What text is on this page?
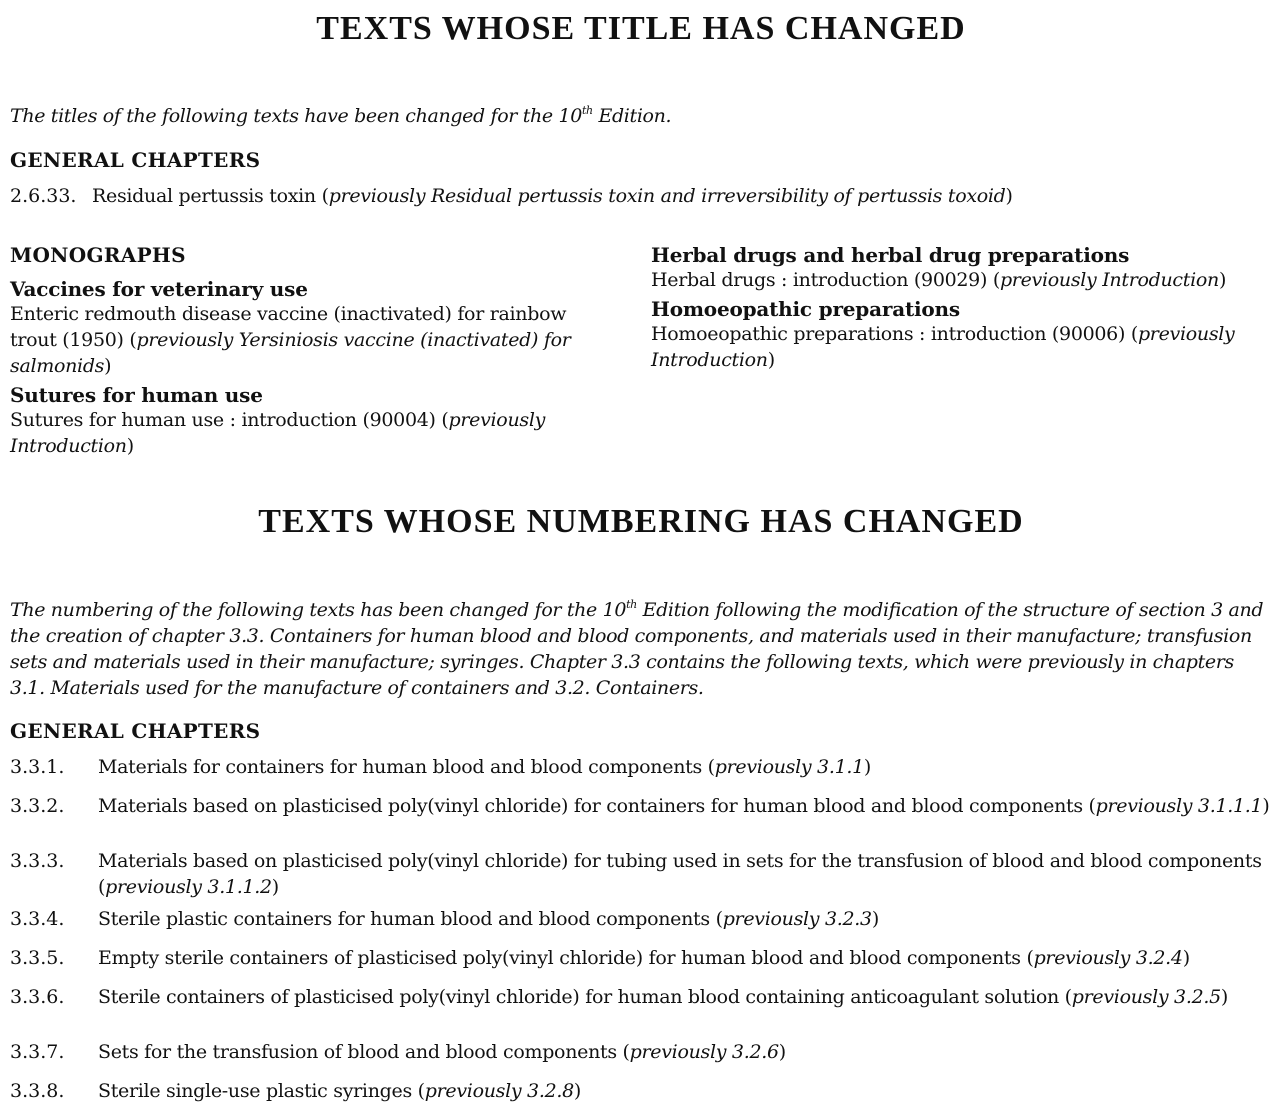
TEXTS WHOSE TITLE HAS CHANGED
The titles of the following texts have been changed for the 10th Edition.
GENERAL CHAPTERS
2.6.33. Residual pertussis toxin (previously Residual pertussis toxin and irreversibility of pertussis toxoid)

MONOGRAPHS

Vaccines for veterinary use

Enteric redmouth disease vaccine (inactivated) for rainbow trout (1950) (previously Yersiniosis vaccine (inactivated) for salmonids)

Sutures for human use

Sutures for human use : introduction (90004) (previously Introduction)

Herbal drugs and herbal drug preparations

Herbal drugs : introduction (90029) (previously Introduction)

Homoeopathic preparations

Homoeopathic preparations : introduction (90006) (previously Introduction)

TEXTS WHOSE NUMBERING HAS CHANGED
The numbering of the following texts has been changed for the 10th Edition following the modification of the structure of section 3 and the creation of chapter 3.3. Containers for human blood and blood components, and materials used in their manufacture; transfusion sets and materials used in their manufacture; syringes. Chapter 3.3 contains the following texts, which were previously in chapters 3.1. Materials used for the manufacture of containers and 3.2. Containers.
GENERAL CHAPTERS
3.3.1. Materials for containers for human blood and blood components (previously 3.1.1)

3.3.2. Materials based on plasticised poly(vinyl chloride) for containers for human blood and blood components (previously 3.1.1.1)

3.3.3. Materials based on plasticised poly(vinyl chloride) for tubing used in sets for the transfusion of blood and blood components (previously 3.1.1.2)

3.3.4. Sterile plastic containers for human blood and blood components (previously 3.2.3)

3.3.5. Empty sterile containers of plasticised poly(vinyl chloride) for human blood and blood components (previously 3.2.4)

3.3.6. Sterile containers of plasticised poly(vinyl chloride) for human blood containing anticoagulant solution (previously 3.2.5)

3.3.7. Sets for the transfusion of blood and blood components (previously 3.2.6)

3.3.8. Sterile single-use plastic syringes (previously 3.2.8)
